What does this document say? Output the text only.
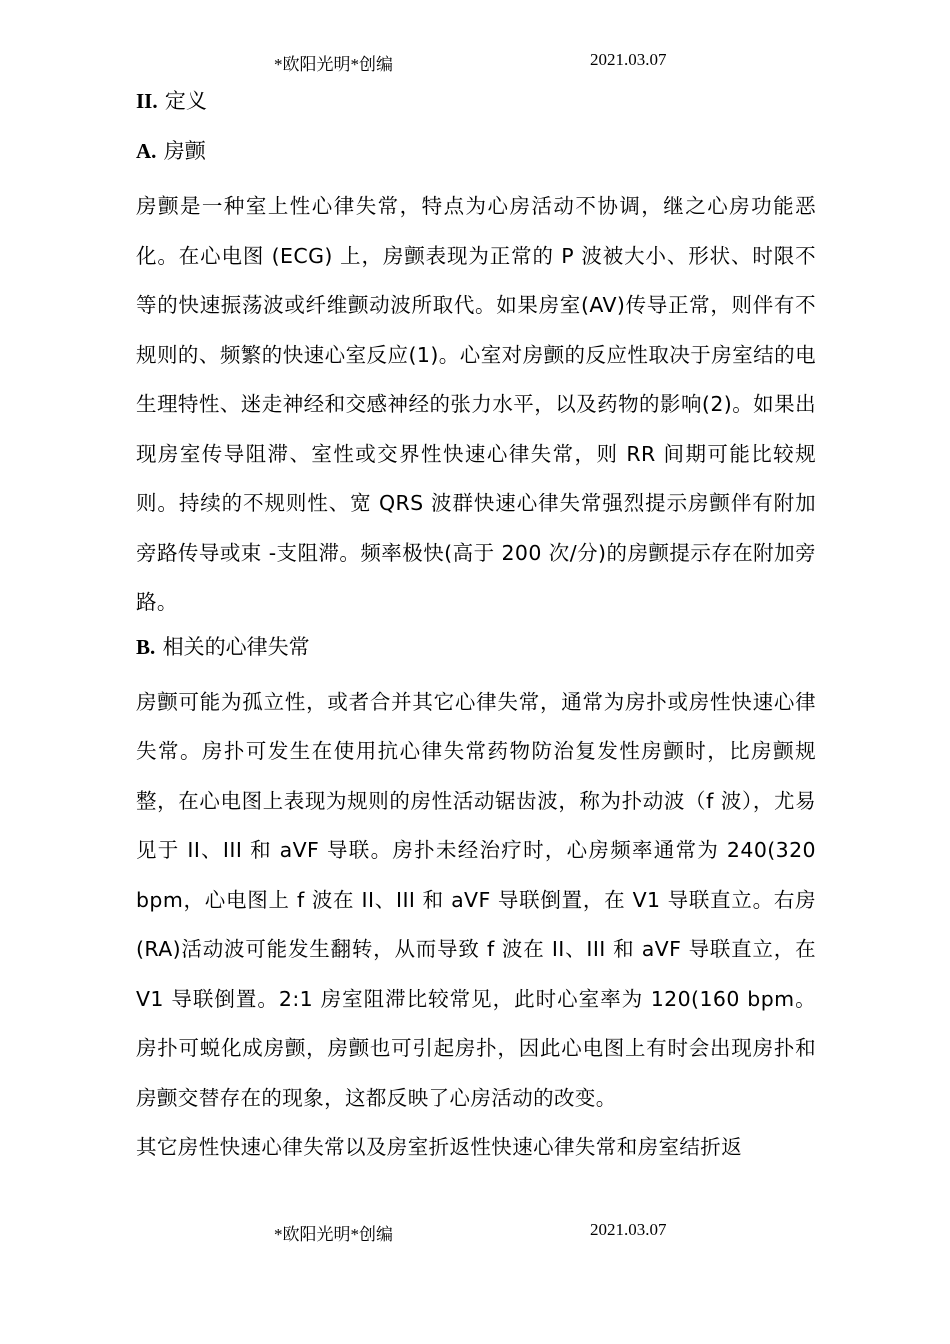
*欧阳光明*创编	2021.03.07
II. 定义
A. 房颤
房颤是一种室上性心律失常，特点为心房活动不协调，继之心房功能恶化。在心电图 (ECG) 上，房颤表现为正常的 P 波被大小、形状、时限不等的快速振荡波或纤维颤动波所取代。如果房室(AV)传导正常，则伴有不规则的、频繁的快速心室反应(1)。心室对房颤的反应性取决于房室结的电生理特性、迷走神经和交感神经的张力水平，以及药物的影响(2)。如果出现房室传导阻滞、室性或交界性快速心律失常，则 RR 间期可能比较规则。持续的不规则性、宽 QRS 波群快速心律失常强烈提示房颤伴有附加旁路传导或束 -支阻滞。频率极快(高于 200 次/分)的房颤提示存在附加旁路。
B. 相关的心律失常
房颤可能为孤立性，或者合并其它心律失常，通常为房扑或房性快速心律失常。房扑可发生在使用抗心律失常药物防治复发性房颤时，比房颤规整，在心电图上表现为规则的房性活动锯齿波，称为扑动波（f 波），尤易见于 II、III 和 aVF 导联。房扑未经治疗时，心房频率通常为 240(320 bpm，心电图上 f 波在 II、III 和 aVF 导联倒置，在 V1 导联直立。右房(RA)活动波可能发生翻转，从而导致 f 波在 II、III 和 aVF 导联直立，在 V1 导联倒置。2:1 房室阻滞比较常见，此时心室率为 120(160 bpm。房扑可蜕化成房颤，房颤也可引起房扑，因此心电图上有时会出现房扑和房颤交替存在的现象，这都反映了心房活动的改变。
其它房性快速心律失常以及房室折返性快速心律失常和房室结折返
*欧阳光明*创编	2021.03.07
